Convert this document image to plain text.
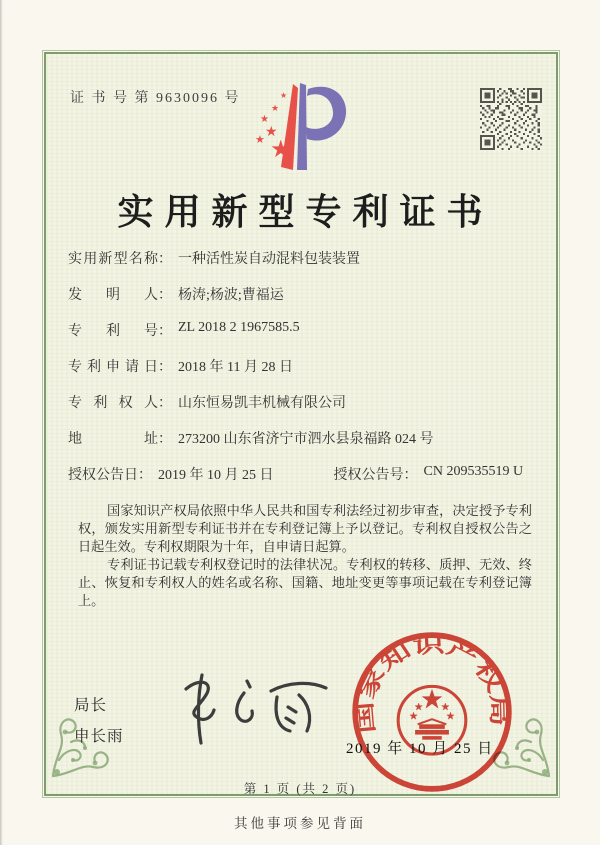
证 书 号 第 9630096 号
★
★
★
★
★
★
实用新型专利证书
实用新型名称 ： 一种活性炭自动混料包装装置
发明人 ： 杨涛;杨波;曹福运
专利号 ： ZL 2018 2 1967585.5
专利申请日 ： 2018 年 11 月 28 日
专利权人 ： 山东恒易凯丰机械有限公司
地址 ： 273200 山东省济宁市泗水县泉福路 024 号
授权公告日 ： 2019 年 10 月 25 日	授权公告号 ： CN 209535519 U

国家知识产权局依照中华人民共和国专利法经过初步审查，决定授予专利权，颁发实用新型专利证书并在专利登记簿上予以登记。专利权自授权公告之日起生效。专利权期限为十年，自申请日起算。

专利证书记载专利权登记时的法律状况。专利权的转移、质押、无效、终止、恢复和专利权人的姓名或名称、国籍、地址变更等事项记载在专利登记簿上。

局长
申长雨
国家知识产权局
2019 年 10 月 25 日
第 1 页 (共 2 页)
其他事项参见背面
